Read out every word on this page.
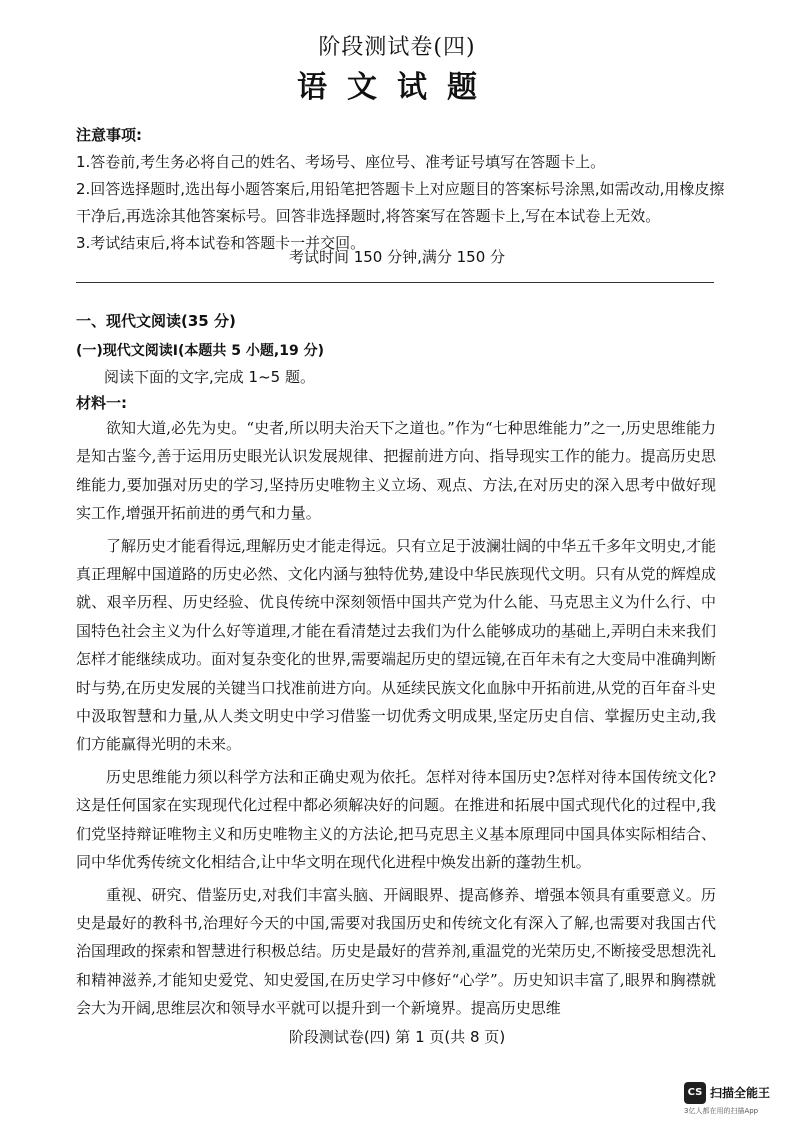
阶段测试卷(四)
语文试题

注意事项:

1.答卷前,考生务必将自己的姓名、考场号、座位号、准考证号填写在答题卡上。

2.回答选择题时,选出每小题答案后,用铅笔把答题卡上对应题目的答案标号涂黑,如需改动,用橡皮擦干净后,再选涂其他答案标号。回答非选择题时,将答案写在答题卡上,写在本试卷上无效。

3.考试结束后,将本试卷和答题卡一并交回。

考试时间 150 分钟,满分 150 分
一、现代文阅读(35 分)
(一)现代文阅读Ⅰ(本题共 5 小题,19 分)
阅读下面的文字,完成 1~5 题。
材料一:

欲知大道,必先为史。“史者,所以明夫治天下之道也。”作为“七种思维能力”之一,历史思维能力是知古鉴今,善于运用历史眼光认识发展规律、把握前进方向、指导现实工作的能力。提高历史思维能力,要加强对历史的学习,坚持历史唯物主义立场、观点、方法,在对历史的深入思考中做好现实工作,增强开拓前进的勇气和力量。

了解历史才能看得远,理解历史才能走得远。只有立足于波澜壮阔的中华五千多年文明史,才能真正理解中国道路的历史必然、文化内涵与独特优势,建设中华民族现代文明。只有从党的辉煌成就、艰辛历程、历史经验、优良传统中深刻领悟中国共产党为什么能、马克思主义为什么行、中国特色社会主义为什么好等道理,才能在看清楚过去我们为什么能够成功的基础上,弄明白未来我们怎样才能继续成功。面对复杂变化的世界,需要端起历史的望远镜,在百年未有之大变局中准确判断时与势,在历史发展的关键当口找准前进方向。从延续民族文化血脉中开拓前进,从党的百年奋斗史中汲取智慧和力量,从人类文明史中学习借鉴一切优秀文明成果,坚定历史自信、掌握历史主动,我们方能赢得光明的未来。

历史思维能力须以科学方法和正确史观为依托。怎样对待本国历史?怎样对待本国传统文化?这是任何国家在实现现代化过程中都必须解决好的问题。在推进和拓展中国式现代化的过程中,我们党坚持辩证唯物主义和历史唯物主义的方法论,把马克思主义基本原理同中国具体实际相结合、同中华优秀传统文化相结合,让中华文明在现代化进程中焕发出新的蓬勃生机。

重视、研究、借鉴历史,对我们丰富头脑、开阔眼界、提高修养、增强本领具有重要意义。历史是最好的教科书,治理好今天的中国,需要对我国历史和传统文化有深入了解,也需要对我国古代治国理政的探索和智慧进行积极总结。历史是最好的营养剂,重温党的光荣历史,不断接受思想洗礼和精神滋养,才能知史爱党、知史爱国,在历史学习中修好“心学”。历史知识丰富了,眼界和胸襟就会大为开阔,思维层次和领导水平就可以提升到一个新境界。提高历史思维

阶段测试卷(四) 第 1 页(共 8 页)
CS 扫描全能王
3亿人都在用的扫描App
